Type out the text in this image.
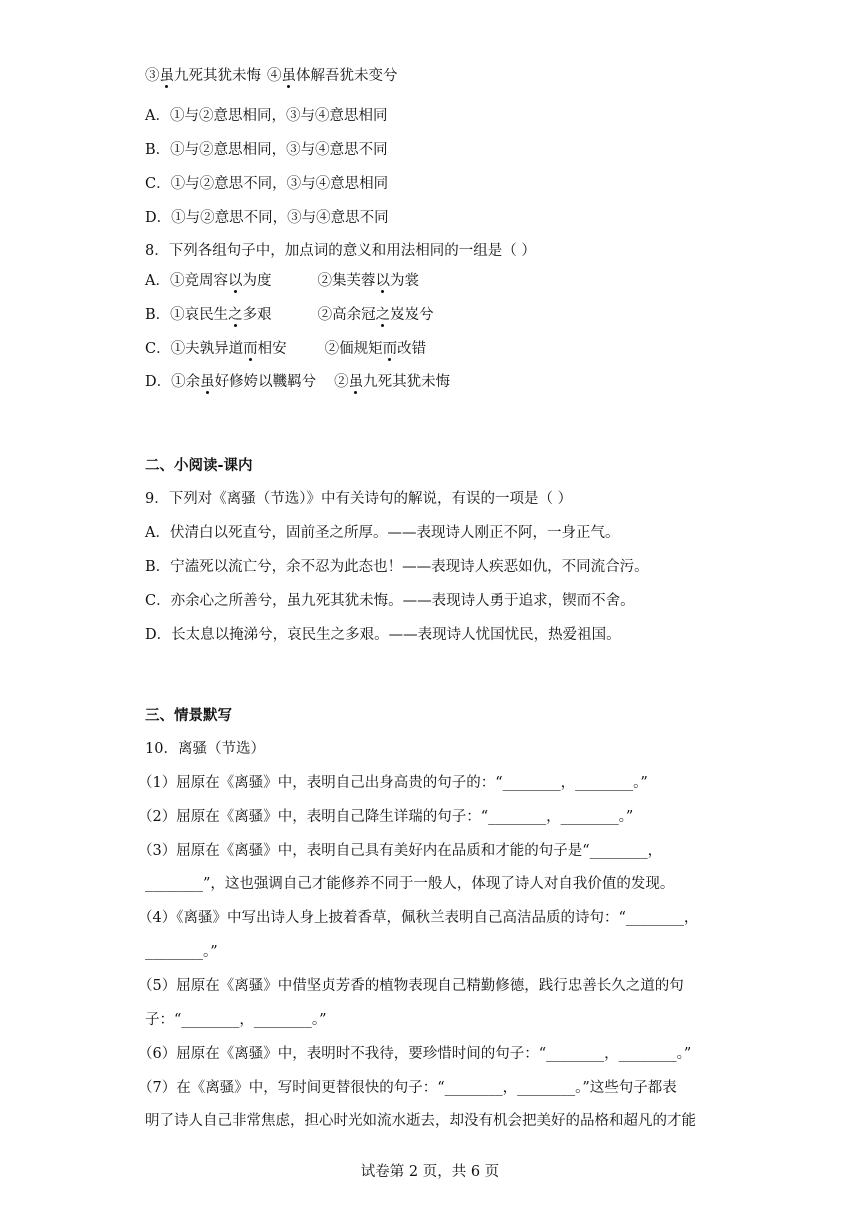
③虽九死其犹未悔 ④虽体解吾犹未变兮
A．①与②意思相同，③与④意思相同
B．①与②意思相同，③与④意思不同
C．①与②意思不同，③与④意思相同
D．①与②意思不同，③与④意思不同
8．下列各组句子中，加点词的意义和用法相同的一组是（ ）
A．①竞周容以为度	②集芙蓉以为裳
B．①哀民生之多艰	②高余冠之岌岌兮
C．①夫孰异道而相安	②偭规矩而改错
D．①余虽好修姱以鞿羁兮 ②虽九死其犹未悔
二、小阅读-课内
9．下列对《离骚（节选）》中有关诗句的解说，有误的一项是（ ）
A．伏清白以死直兮，固前圣之所厚。——表现诗人刚正不阿，一身正气。
B．宁溘死以流亡兮，余不忍为此态也！——表现诗人疾恶如仇，不同流合污。
C．亦余心之所善兮，虽九死其犹未悔。——表现诗人勇于追求，锲而不舍。
D．长太息以掩涕兮，哀民生之多艰。——表现诗人忧国忧民，热爱祖国。
三、情景默写
10．离骚（节选）
（1）屈原在《离骚》中，表明自己出身高贵的句子的：“________，________。”
（2）屈原在《离骚》中，表明自己降生详瑞的句子：“________，________。”
（3）屈原在《离骚》中，表明自己具有美好内在品质和才能的句子是“________，
________”，这也强调自己才能修养不同于一般人，体现了诗人对自我价值的发现。
（4）《离骚》中写出诗人身上披着香草，佩秋兰表明自己高洁品质的诗句：“________，
________。”
（5）屈原在《离骚》中借坚贞芳香的植物表现自己精勤修德，践行忠善长久之道的句
子：“________，________。”
（6）屈原在《离骚》中，表明时不我待，要珍惜时间的句子：“________，________。”
（7）在《离骚》中，写时间更替很快的句子：“________，________。”这些句子都表
明了诗人自己非常焦虑，担心时光如流水逝去，却没有机会把美好的品格和超凡的才能
试卷第 2 页，共 6 页
